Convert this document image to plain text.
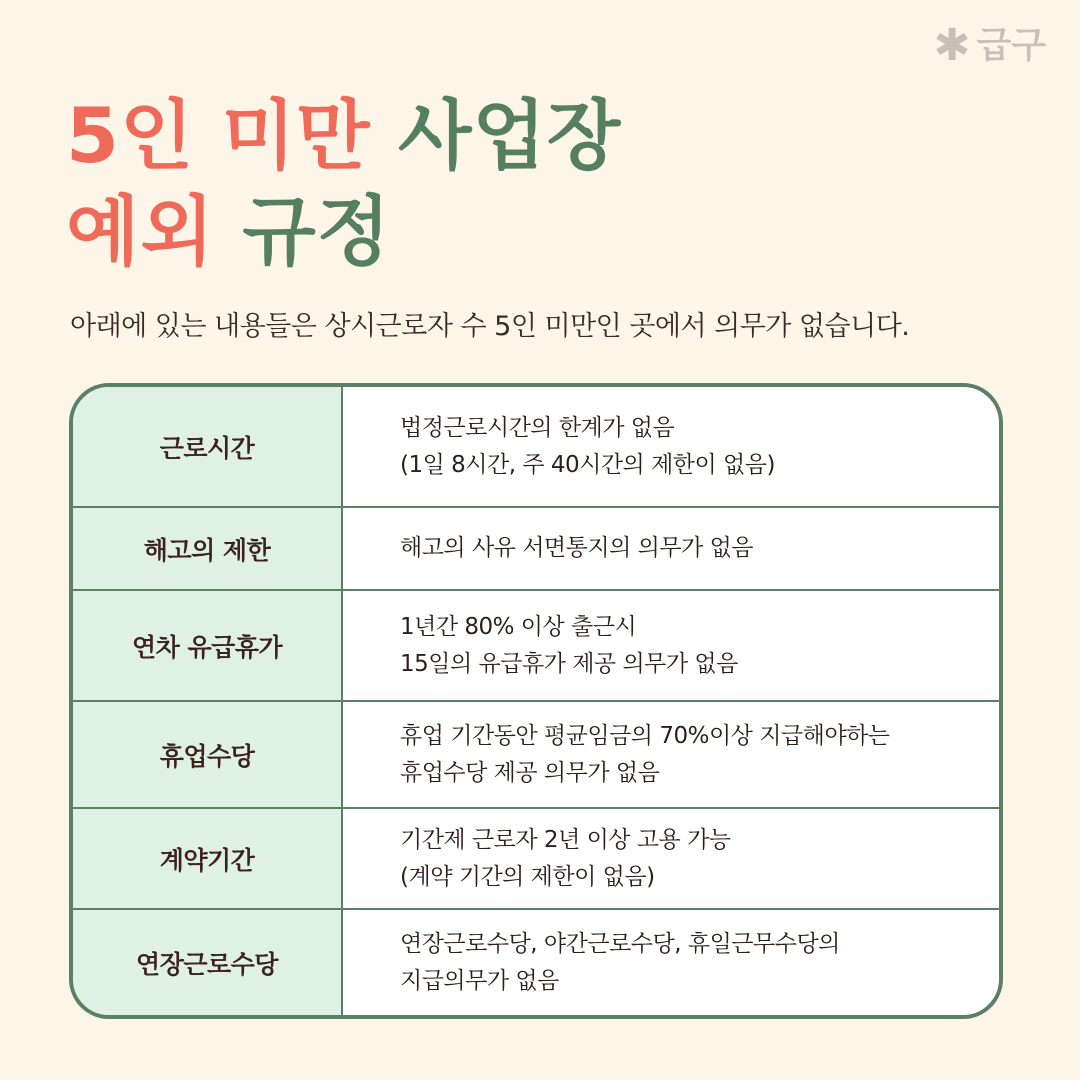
✱ 급구
5인 미만 사업장
예외 규정

아래에 있는 내용들은 상시근로자 수 5인 미만인 곳에서 의무가 없습니다.

근로시간
법정근로시간의 한계가 없음
(1일 8시간, 주 40시간의 제한이 없음)
해고의 제한	해고의 사유 서면통지의 의무가 없음
연차 유급휴가
1년간 80% 이상 출근시
15일의 유급휴가 제공 의무가 없음
휴업수당
휴업 기간동안 평균임금의 70%이상 지급해야하는
휴업수당 제공 의무가 없음
계약기간
기간제 근로자 2년 이상 고용 가능
(계약 기간의 제한이 없음)
연장근로수당
연장근로수당, 야간근로수당, 휴일근무수당의
지급의무가 없음
